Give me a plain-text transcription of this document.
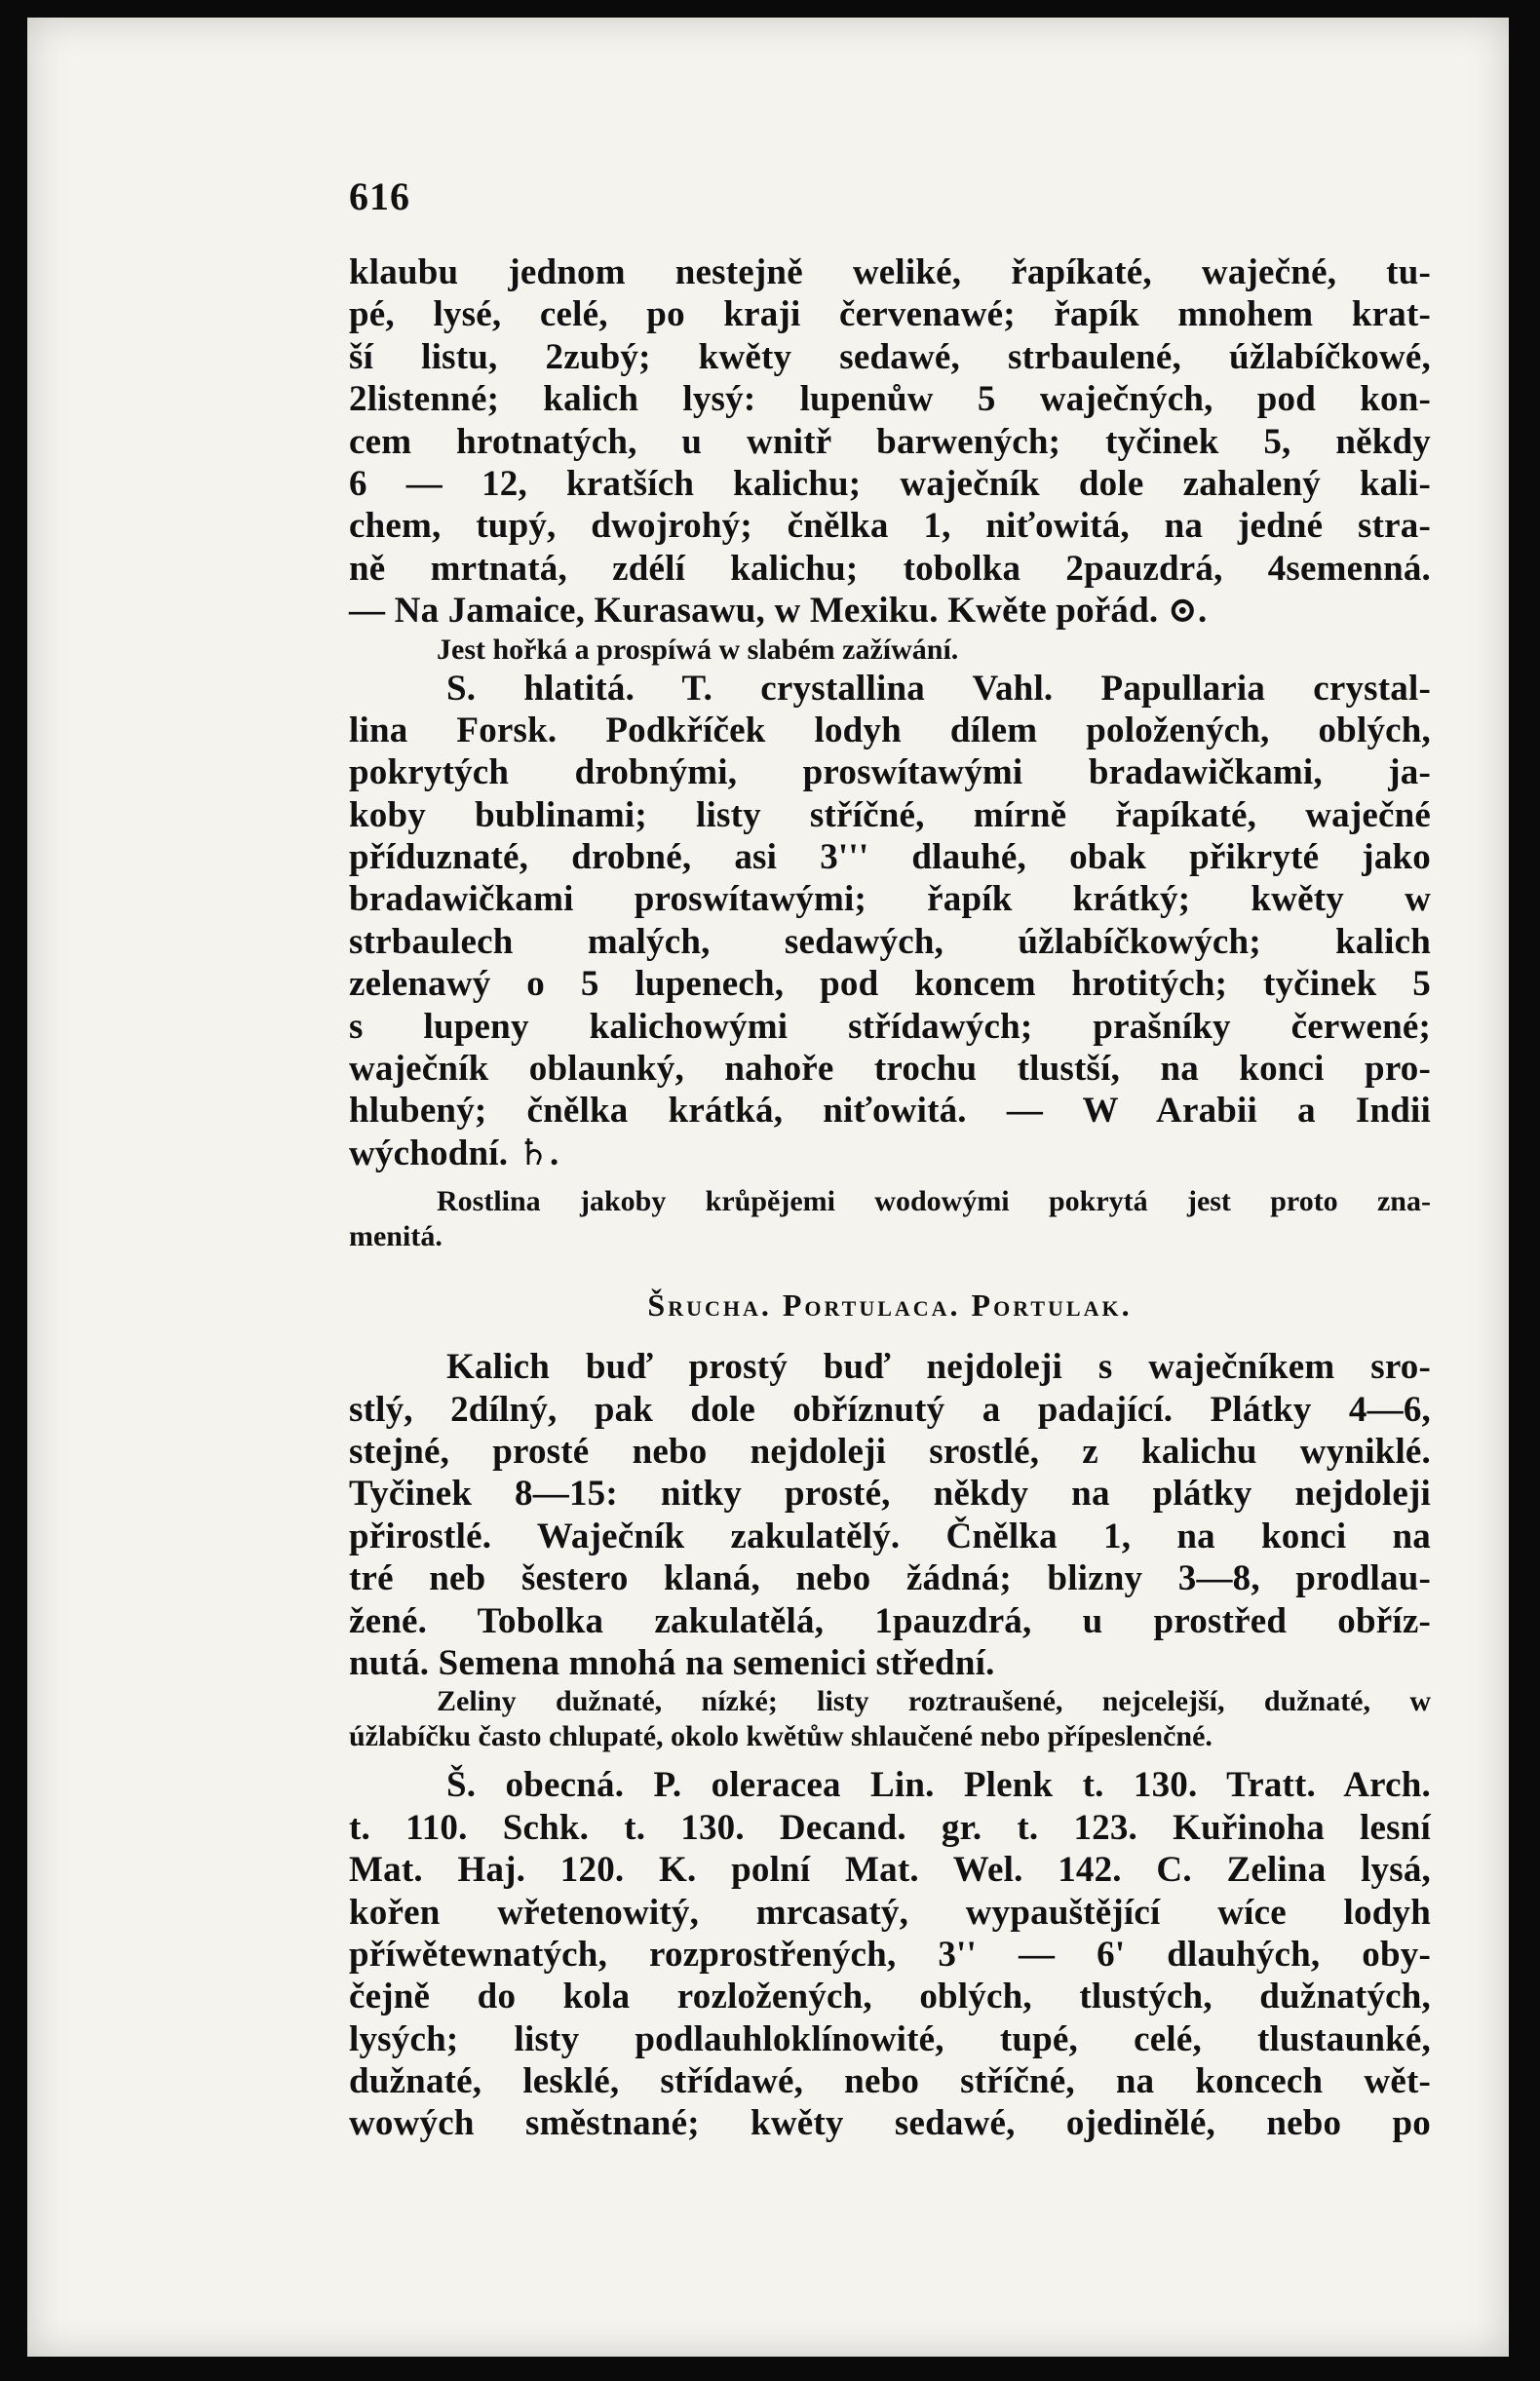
616
klaubu jednom nestejně weliké, řapíkaté, waječné, tu-
pé, lysé, celé, po kraji červenawé; řapík mnohem krat-
ší listu, 2zubý; kwěty sedawé, strbaulené, úžlabíčkowé,
2listenné; kalich lysý: lupenůw 5 waječných, pod kon-
cem hrotnatých, u wnitř barwených; tyčinek 5, někdy
6 — 12, kratších kalichu; waječník dole zahalený kali-
chem, tupý, dwojrohý; čnělka 1, niťowitá, na jedné stra-
ně mrtnatá, zdélí kalichu; tobolka 2pauzdrá, 4semenná.
— Na Jamaice, Kurasawu, w Mexiku. Kwěte pořád. ⊙.
Jest hořká a prospíwá w slabém zažíwání.
S. hlatitá. T. crystallina Vahl. Papullaria crystal-
lina Forsk. Podkříček lodyh dílem položených, oblých,
pokrytých drobnými, proswítawými bradawičkami, ja-
koby bublinami; listy stříčné, mírně řapíkaté, waječné
příduznaté, drobné, asi 3''' dlauhé, obak přikryté jako
bradawičkami proswítawými; řapík krátký; kwěty w
strbaulech malých, sedawých, úžlabíčkowých; kalich
zelenawý o 5 lupenech, pod koncem hrotitých; tyčinek 5
s lupeny kalichowými střídawých; prašníky čerwené;
waječník oblaunký, nahoře trochu tlustší, na konci pro-
hlubený; čnělka krátká, niťowitá. — W Arabii a Indii
wýchodní. ♄.
Rostlina jakoby krůpějemi wodowými pokrytá jest proto zna-
menitá.
Šrucha. Portulaca. Portulak.
Kalich buď prostý buď nejdoleji s waječníkem sro-
stlý, 2dílný, pak dole obříznutý a padající. Plátky 4—6,
stejné, prosté nebo nejdoleji srostlé, z kalichu wyniklé.
Tyčinek 8—15: nitky prosté, někdy na plátky nejdoleji
přirostlé. Waječník zakulatělý. Čnělka 1, na konci na
tré neb šestero klaná, nebo žádná; blizny 3—8, prodlau-
žené. Tobolka zakulatělá, 1pauzdrá, u prostřed obříz-
nutá. Semena mnohá na semenici střední.
Zeliny dužnaté, nízké; listy roztraušené, nejcelejší, dužnaté, w
úžlabíčku často chlupaté, okolo kwětůw shlaučené nebo přípeslenčné.
Š. obecná. P. oleracea Lin. Plenk t. 130. Tratt. Arch.
t. 110. Schk. t. 130. Decand. gr. t. 123. Kuřinoha lesní
Mat. Haj. 120. K. polní Mat. Wel. 142. C. Zelina lysá,
kořen wřetenowitý, mrcasatý, wypauštějící wíce lodyh
příwětewnatých, rozprostřených, 3'' — 6' dlauhých, oby-
čejně do kola rozložených, oblých, tlustých, dužnatých,
lysých; listy podlauhloklínowité, tupé, celé, tlustaunké,
dužnaté, lesklé, střídawé, nebo stříčné, na koncech wět-
wowých směstnané; kwěty sedawé, ojedinělé, nebo po
